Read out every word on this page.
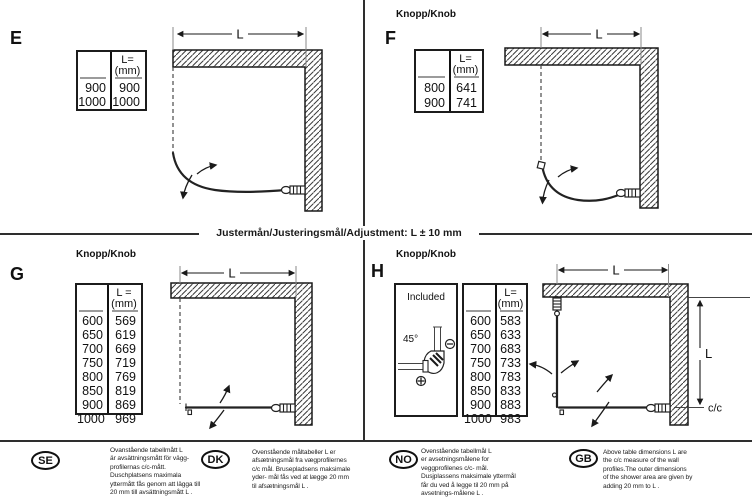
Justermån/Justeringsmål/Adjustment: L ± 10 mm
E
L=
(mm)
900	900
1000 1000
L
Knopp/Knob
F
L=
(mm)
800 641
900 741
L
Knopp/Knob
G
L =
(mm)
600 569
650 619
700 669
750 719
800 769
850 819
900 869
1000 969
L
Knopp/Knob
H
Included
45°
L=
(mm)
600 583
650 633
700 683
750 733
800 783
850 833
900 883
1000 983
L
L
c/c
SE
Ovanstående tabellmått L
är avsättningsmått för vägg-
profilernas c/c-mått.
Duschplatsens maximala
yttermått fås genom att lägga till
20 mm till avsättningsmått L .
DK
Ovenstående måltabeller L er
afsætningsmål fra vægprofilernes
c/c mål. Brusepladsens maksimale
yder- mål fås ved at lægge 20 mm
til afsætningsmål L .
NO
Ovenstående tabellmål L
er avsetningsmålene for
veggprofilenes c/c- mål.
Dusjplassens maksimale yttermål
får du ved å legge til 20 mm på
avsetnings-målene L .
GB Above table dimensions L are
the c/c measure of the wall
profiles.The outer dimensions
of the shower area are given by
adding 20 mm to L .
